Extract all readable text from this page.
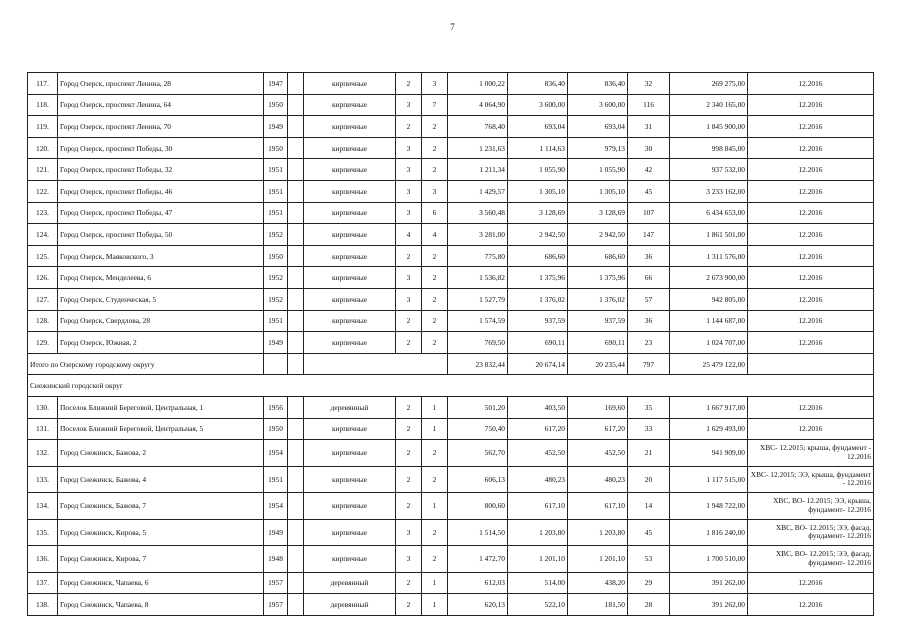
7
117.	Город Озерск, проспект Ленина, 28	1947		кирпичные	2	3	1 000,22	836,40	836,40	32	269 275,00	12.2016
118.	Город Озерск, проспект Ленина, 64	1950		кирпичные	3	7	4 064,90	3 600,00	3 600,00	116	2 340 165,00	12.2016
119.	Город Озерск, проспект Ленина, 70	1949		кирпичные	2	2	768,40	693,04	693,04	31	1 845 900,00	12.2016
120.	Город Озерск, проспект Победы, 30	1950		кирпичные	3	2	1 231,63	1 114,63	979,13	30	998 845,00	12.2016
121.	Город Озерск, проспект Победы, 32	1951		кирпичные	3	2	1 211,34	1 055,90	1 055,90	42	937 532,00	12.2016
122.	Город Озерск, проспект Победы, 46	1951		кирпичные	3	3	1 429,57	1 305,10	1 305,10	45	3 233 162,00	12.2016
123.	Город Озерск, проспект Победы, 47	1951		кирпичные	3	6	3 560,48	3 128,69	3 128,69	107	6 434 653,00	12.2016
124.	Город Озерск, проспект Победы, 50	1952		кирпичные	4	4	3 281,00	2 942,50	2 942,50	147	1 861 501,00	12.2016
125.	Город Озерск, Маяковского, 3	1950		кирпичные	2	2	775,80	686,60	686,60	36	1 311 576,00	12.2016
126.	Город Озерск, Менделеева, 6	1952		кирпичные	3	2	1 536,82	1 375,96	1 375,96	66	2 673 900,00	12.2016
127.	Город Озерск, Студенческая, 5	1952		кирпичные	3	2	1 527,79	1 376,02	1 376,02	57	942 805,00	12.2016
128.	Город Озерск, Свердлова, 28	1951		кирпичные	2	2	1 574,59	937,59	937,59	36	1 144 687,00	12.2016
129.	Город Озерск, Южная, 2	1949		кирпичные	2	2	769,50	690,11	690,11	23	1 024 707,00	12.2016
Итого по Озерскому городскому округу							23 832,44	20 674,14	20 235,44	797	25 479 122,00	
Снежинский городской округ												
130.	Поселок Ближний Береговой, Центральная, 1	1956		деревянный	2	1	501,20	403,50	169,60	35	1 667 917,00	12.2016
131.	Поселок Ближний Береговой, Центральная, 5	1950		кирпичные	2	1	750,40	617,20	617,20	33	1 629 493,00	12.2016
132.	Город Снежинск, Бажова, 2	1954		кирпичные	2	2	562,70	452,50	452,50	21	941 909,00	ХВС- 12.2015; крыша, фундамент - 12.2016
133.	Город Снежинск, Бажова, 4	1951		кирпичные	2	2	606,13	480,23	480,23	20	1 117 515,00	ХВС- 12.2015; ЭЭ, крыша, фундамент - 12.2016
134.	Город Снежинск, Бажова, 7	1954		кирпичные	2	1	800,60	617,10	617,10	14	1 948 722,00	ХВС, ВО- 12.2015; ЭЭ, крыша, фундамент- 12.2016
135.	Город Снежинск, Кирова, 5	1949		кирпичные	3	2	1 514,50	1 203,80	1 203,80	45	1 816 240,00	ХВС, ВО- 12.2015; ЭЭ, фасад, фундамент- 12.2016
136.	Город Снежинск, Кирова, 7	1948		кирпичные	3	2	1 472,70	1 201,10	1 201,10	53	1 700 510,00	ХВС, ВО- 12.2015; ЭЭ, фасад, фундамент- 12.2016
137.	Город Снежинск, Чапаева, 6	1957		деревянный	2	1	612,03	514,00	438,20	29	391 262,00	12.2016
138.	Город Снежинск, Чапаева, 8	1957		деревянный	2	1	620,13	522,10	181,50	28	391 262,00	12.2016
